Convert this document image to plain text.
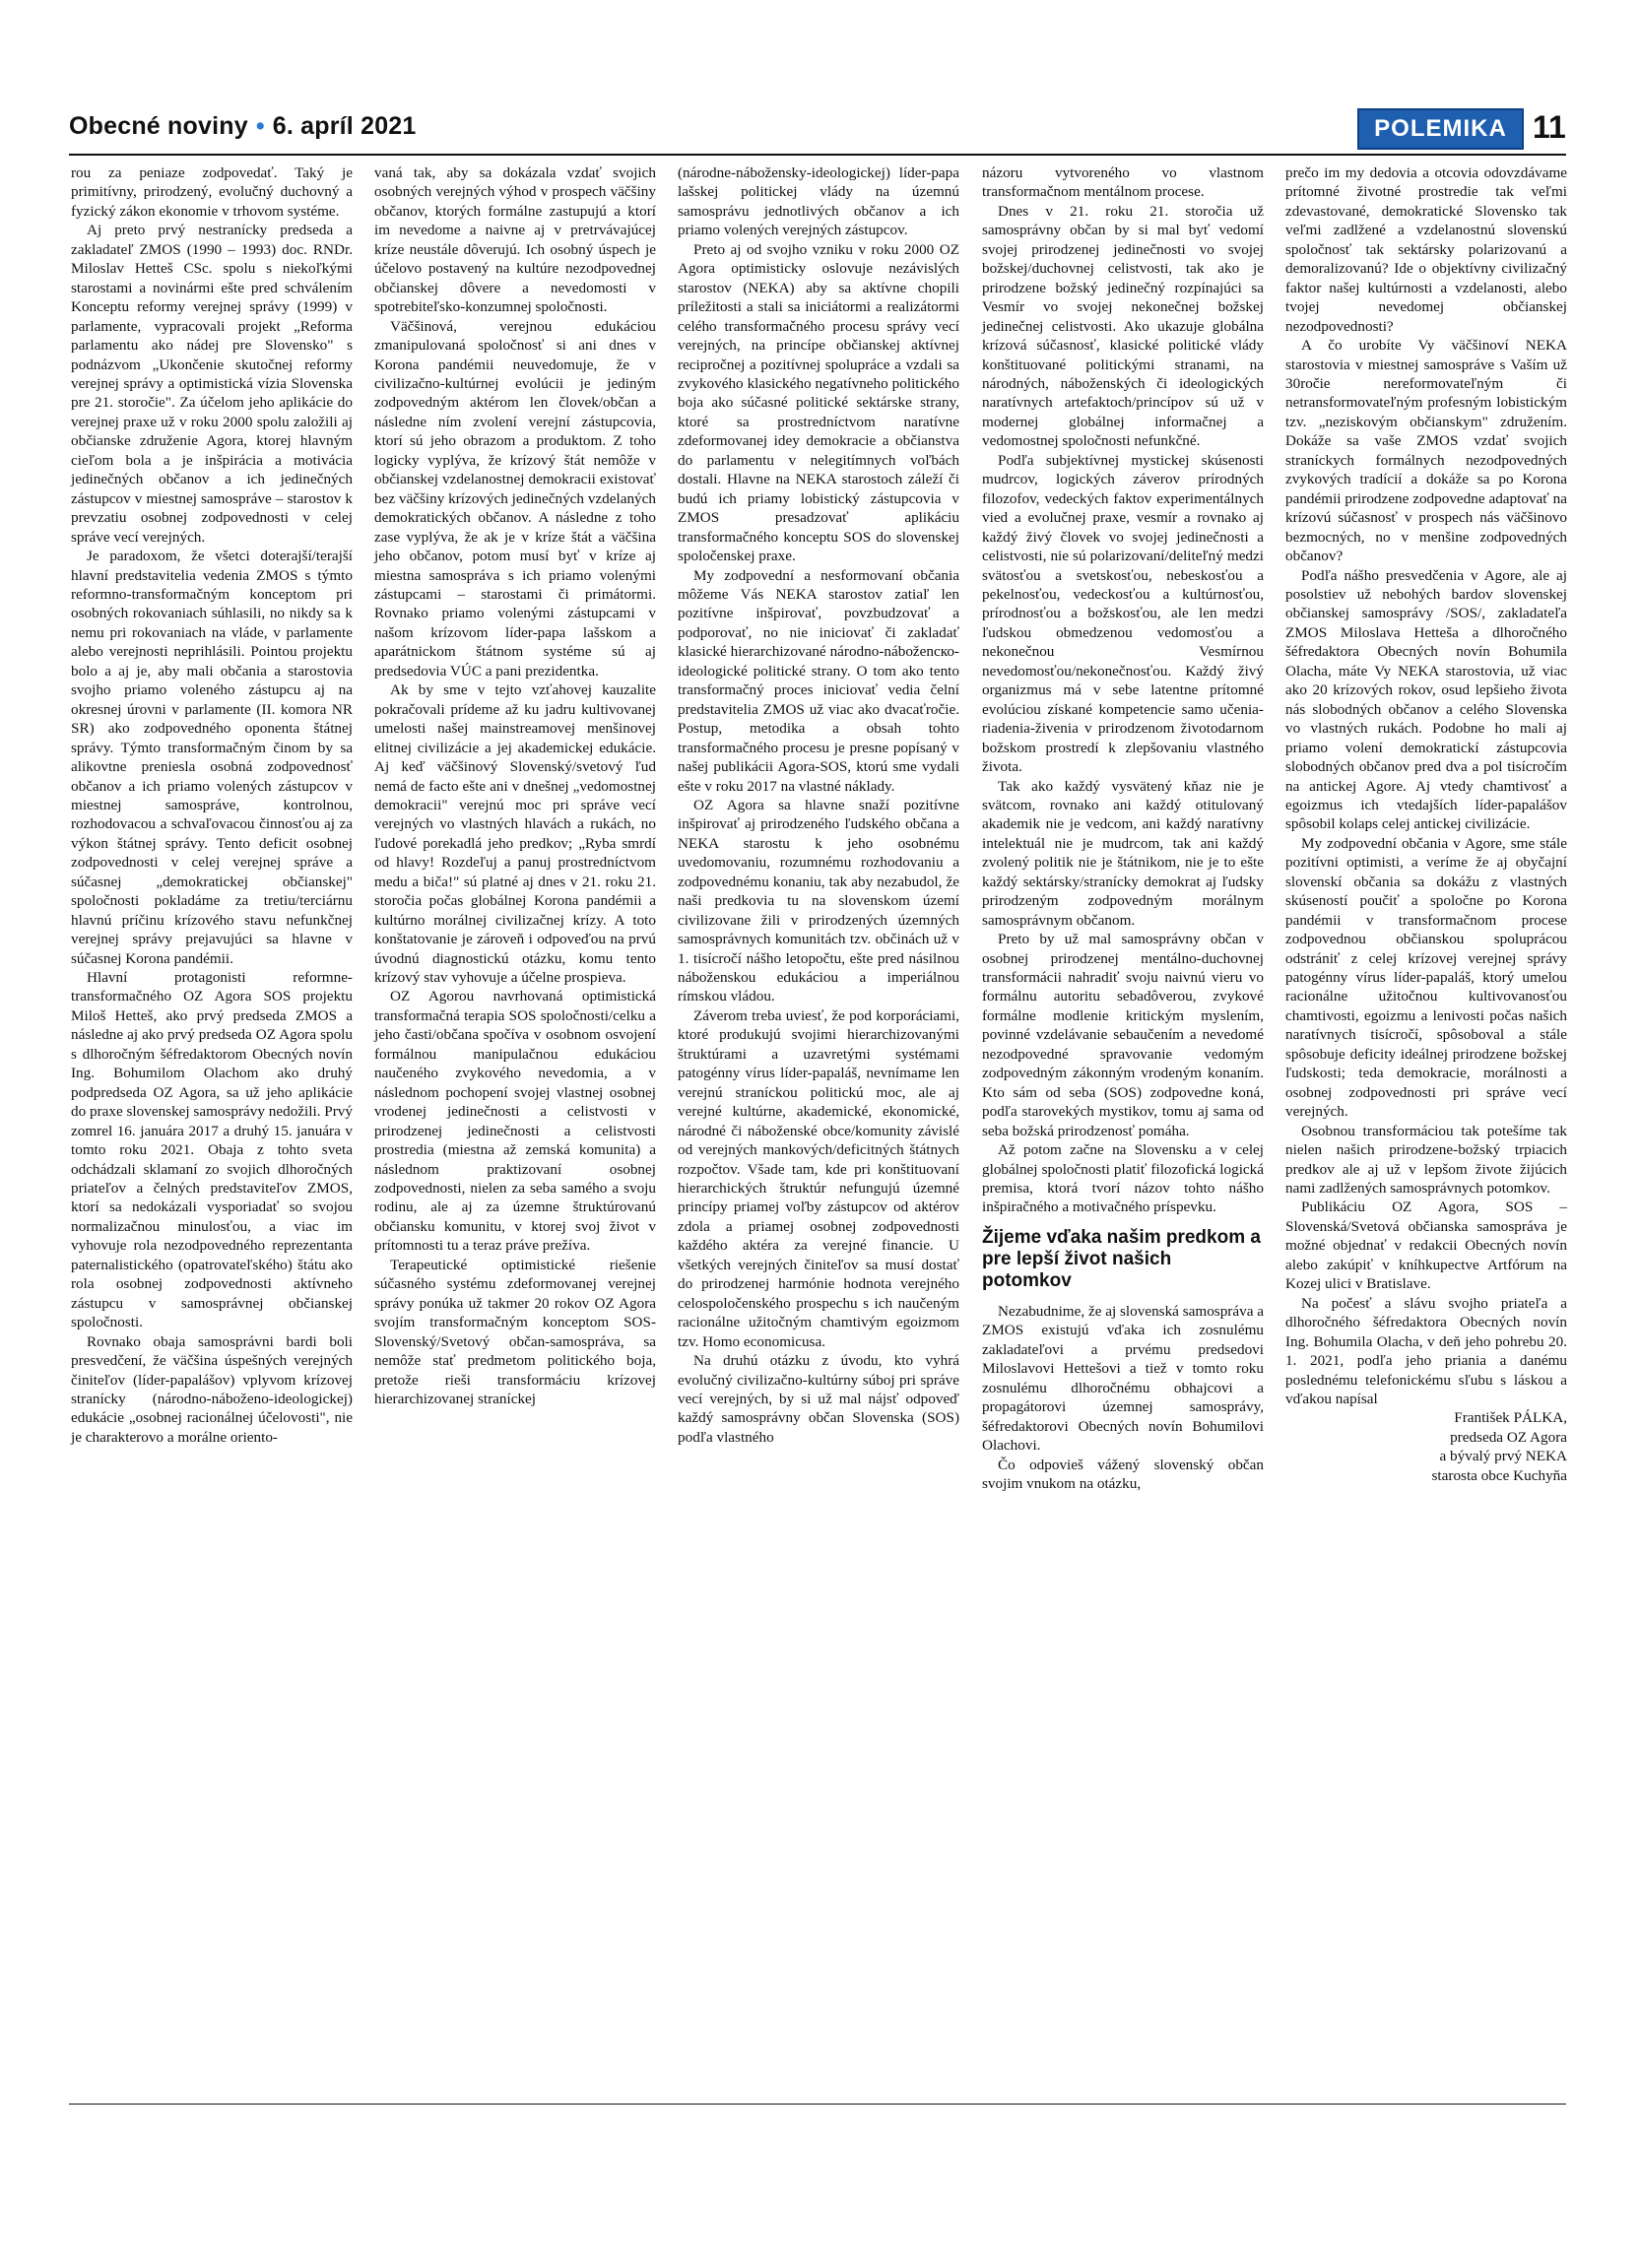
Obecné noviny • 6. apríl 2021	POLEMIKA 11

rou za peniaze zodpovedať. Taký je primitívny, prirodzený, evolučný duchovný a fyzický zákon ekonomie v trhovom systéme.

Aj preto prvý nestranícky predseda a zakladateľ ZMOS (1990 – 1993) doc. RNDr. Miloslav Hetteš CSc. spolu s niekoľkými starostami a novinármi ešte pred schválením Konceptu reformy verejnej správy (1999) v parlamente, vypracovali projekt „Reforma parlamentu ako nádej pre Slovensko" s podnázvom „Ukončenie skutočnej reformy verejnej správy a optimistická vízia Slovenska pre 21. storočie". Za účelom jeho aplikácie do verejnej praxe už v roku 2000 spolu založili aj občianske združenie Agora, ktorej hlavným cieľom bola a je inšpirácia a motivácia jedinečných občanov a ich jedinečných zástupcov v miestnej samospráve – starostov k prevzatiu osobnej zodpovednosti v celej správe vecí verejných.

Je paradoxom, že všetci doterajší/terajší hlavní predstavitelia vedenia ZMOS s týmto reformno-transformačným konceptom pri osobných rokovaniach súhlasili, no nikdy sa k nemu pri rokovaniach na vláde, v parlamente alebo verejnosti neprihlásili. Pointou projektu bolo a aj je, aby mali občania a starostovia svojho priamo voleného zástupcu aj na okresnej úrovni v parlamente (II. komora NR SR) ako zodpovedného oponenta štátnej správy. Týmto transformačným činom by sa alikovtne preniesla osobná zodpovednosť občanov a ich priamo volených zástupcov v miestnej samospráve, kontrolnou, rozhodovacou a schvaľovacou činnosťou aj za výkon štátnej správy. Tento deficit osobnej zodpovednosti v celej verejnej správe a súčasnej „demokratickej občianskej" spoločnosti pokladáme za tretiu/terciárnu hlavnú príčinu krízového stavu nefunkčnej verejnej správy prejavujúci sa hlavne v súčasnej Korona pandémii.

Hlavní protagonisti reformne-transformačného OZ Agora SOS projektu Miloš Hetteš, ako prvý predseda ZMOS a následne aj ako prvý predseda OZ Agora spolu s dlhoročným šéfredaktorom Obecných novín Ing. Bohumilom Olachom ako druhý podpredseda OZ Agora, sa už jeho aplikácie do praxe slovenskej samosprávy nedožili. Prvý zomrel 16. januára 2017 a druhý 15. januára v tomto roku 2021. Obaja z tohto sveta odchádzali sklamaní zo svojich dlhoročných priateľov a čelných predstaviteľov ZMOS, ktorí sa nedokázali vysporiadať so svojou normalizačnou minulosťou, a viac im vyhovuje rola nezodpovedného reprezentanta paternalistického (opatrovateľského) štátu ako rola osobnej zodpovednosti aktívneho zástupcu v samosprávnej občianskej spoločnosti.

Rovnako obaja samosprávni bardi boli presvedčení, že väčšina úspešných verejných činiteľov (líder-papalášov) vplyvom krízovej stranícky (národno-náboženo-ideologickej) edukácie „osobnej racionálnej účelovosti", nie je charakterovo a morálne oriento-

vaná tak, aby sa dokázala vzdať svojich osobných verejných výhod v prospech väčšiny občanov, ktorých formálne zastupujú a ktorí im nevedome a naivne aj v pretrvávajúcej krízе neustále dôverujú. Ich osobný úspech je účelovo postavený na kultúre nezodpovednej občianskej dôvere a nevedomosti v spotrebiteľsko-konzumnej spoločnosti.

Väčšinová, verejnou edukáciou zmanipulovaná spoločnosť si ani dnes v Korona pandémii neuvedomuje, že v civilizačno-kultúrnej evolúcii je jediným zodpovedným aktérom len človek/občan a následne ním zvolení verejní zástupcovia, ktorí sú jeho obrazom a produktom. Z toho logicky vyplýva, že krízový štát nemôže v občianskej vzdelanostnej demokracii existovať bez väčšiny krízových jedinečných vzdelaných demokratických občanov. A následne z toho zase vyplýva, že ak je v kríze štát a väčšina jeho občanov, potom musí byť v kríze aj miestna samospráva s ich priamo volenými zástupcami – starostami či primátormi. Rovnako priamo volenými zástupcami v našom krízovom líder-papa lašskom a aparátnickom štátnom systéme sú aj predsedovia VÚC a pani prezidentka.

Ak by sme v tejto vzťahovej kauzalite pokračovali prídeme až ku jadru kultivovanej umelosti našej mainstreamovej menšinovej elitnej civilizácie a jej akademickej edukácie. Aj keď väčšinový Slovenský/svetový ľud nemá de facto ešte ani v dnešnej „vedomostnej demokracii" verejnú moc pri správe vecí verejných vo vlastných hlavách a rukách, no ľudové porekadlá jeho predkov; „Ryba smrdí od hlavy! Rozdeľuj a panuj prostredníctvom medu a biča!" sú platné aj dnes v 21. roku 21. storočia počas globálnej Korona pandémii a kultúrno morálnej civilizačnej krízy. A toto konštatovanie je zároveň i odpoveďou na prvú úvodnú diagnostickú otázku, komu tento krízový stav vyhovuje a účelne prospieva.

OZ Agorou navrhovaná optimistická transformačná terapia SOS spoločnosti/celku a jeho časti/občana spočíva v osobnom osvojení formálnou manipulačnou edukáciou naučeného zvykového nevedomia, a v následnom pochopení svojej vlastnej osobnej vrodenej jedinečnosti a celistvosti v prirodzenej jedinečnosti a celistvosti prostredia (miestna až zemská komunita) a následnom praktizovaní osobnej zodpovednosti, nielen za seba samého a svoju rodinu, ale aj za územne štruktúrovanú občiansku komunitu, v ktorej svoj život v prítomnosti tu a teraz práve prežíva.

Terapeutické optimistické riešenie súčasného systému zdeformovanej verejnej správy ponúka už takmer 20 rokov OZ Agora svojím transformačným konceptom SOS-Slovenský/Svetový občan-samospráva, sa nemôže stať predmetom politického boja, pretože rieši transformáciu krízovej hierarchizovanej straníckej

(národne-nábožensky-ideologickej) líder-papa lašskej politickej vlády na územnú samosprávu jednotlivých občanov a ich priamo volených verejných zástupcov.

Preto aj od svojho vzniku v roku 2000 OZ Agora optimisticky oslovuje nezávislých starostov (NEKA) aby sa aktívne chopili príležitosti a stali sa iniciátormi a realizátormi celého transformačného procesu správy vecí verejných, na princípe občianskej aktívnej recipročnej a pozitívnej spolupráce a vzdali sa zvykového klasického negatívneho politického boja ako súčasné politické sektárske strany, ktoré sa prostredníctvom naratívne zdeformovanej idey demokracie a občianstva do parlamentu v nelegitímnych voľbách dostali. Hlavne na NEKA starostoch záleží či budú ich priamy lobistický zástupcovia v ZMOS presadzovať aplikáciu transformačného konceptu SOS do slovenskej spoločenskej praxe.

My zodpovední a nesformovaní občania môžeme Vás NEKA starostov zatiaľ len pozitívne inšpirovať, povzbudzovať a podporovať, no nie iniciovať či zakladať klasické hierarchizované národno-náboženско-ideologické politické strany. O tom ako tento transformačný proces iniciovať vedia čelní predstavitelia ZMOS už viac ako dvacaťročie. Postup, metodika a obsah tohto transformačného procesu je presne popísaný v našej publikácii Agora-SOS, ktorú sme vydali ešte v roku 2017 na vlastné náklady.

OZ Agora sa hlavne snaží pozitívne inšpirovať aj prirodzeného ľudského občana a NEKA starostu k jeho osobnému uvedomovaniu, rozumnému rozhodovaniu a zodpovednému konaniu, tak aby nezabudol, že naši predkovia tu na slovenskom území civilizovane žili v prirodzených územných samosprávnych komunitách tzv. občinách už v 1. tisícročí nášho letopočtu, ešte pred násilnou náboženskou edukáciou a imperiálnou rímskou vládou.

Záverom treba uviesť, že pod korporáciami, ktoré produkujú svojimi hierarchizovanými štruktúrami a uzavretými systémami patogénny vírus líder-papaláš, nevnímame len verejnú straníckou politickú moc, ale aj verejné kultúrne, akademické, ekonomické, národné či náboženské obce/komunity závislé od verejných mankových/deficitných štátnych rozpočtov. Všade tam, kde pri konštituovaní hierarchických štruktúr nefungujú územné princípy priamej voľby zástupcov od aktérov zdola a priamej osobnej zodpovednosti každého aktéra za verejné financie. U všetkých verejných činiteľov sa musí dostať do prirodzenej harmónie hodnota verejného celospoločenského prospechu s ich naučeným racionálne užitočným chamtivým egoizmom tzv. Homo economicusa.

Na druhú otázku z úvodu, kto vyhrá evolučný civilizačno-kultúrny súboj pri správe vecí verejných, by si už mal nájsť odpoveď každý samosprávny občan Slovenska (SOS) podľa vlastného

názoru vytvoreného vo vlastnom transformačnom mentálnom procese.

Dnes v 21. roku 21. storočia už samosprávny občan by si mal byť vedomí svojej prirodzenej jedinečnosti vo svojej božskej/duchovnej celistvosti, tak ako je prirodzene božský jedinečný rozpínajúci sa Vesmír vo svojej nekonečnej božskej jedinečnej celistvosti. Ako ukazuje globálna krízová súčasnosť, klasické politické vlády konštituované politickými stranami, na národných, náboženských či ideologických naratívnych artefaktoch/princípov sú už v modernej globálnej informačnej a vedomostnej spoločnosti nefunkčné.

Podľa subjektívnej mystickej skúsenosti mudrcov, logických záverov prírodných filozofov, vedeckých faktov experimentálnych vied a evolučnej praxe, vesmír a rovnako aj každý živý človek vo svojej jedinečnosti a celistvosti, nie sú polarizovaní/deliteľný medzi svätosťou a svetskosťou, nebeskosťou a pekelnosťou, vedeckosťou a kultúrnosťou, prírodnosťou a božskosťou, ale len medzi ľudskou obmedzenou vedomosťou a nekonečnou Vesmírnou nevedomosťou/nekonečnosťou. Každý živý organizmus má v sebe latentne prítomné evolúciou získané kompetencie samo učenia-riadenia-živenia v prirodzenom životodarnom božskom prostredí k zlepšovaniu vlastného života.

Tak ako každý vysvätený kňaz nie je svätcom, rovnako ani každý otitulovaný akademik nie je vedcom, ani každý naratívny intelektuál nie je mudrcom, tak ani každý zvolený politik nie je štátnikom, nie je to ešte každý sektársky/stranícky demokrat aj ľudsky prirodzeným zodpovedným morálnym samosprávnym občanom.

Preto by už mal samosprávny občan v osobnej prirodzenej mentálno-duchovnej transformácii nahradiť svoju naivnú vieru vo formálnu autoritu sebadôverou, zvykové formálne modlenie kritickým myslením, povinné vzdelávanie sebaučením a nevedomé nezodpovedné spravovanie vedomým zodpovedným zákonným vrodeným konaním. Kto sám od seba (SOS) zodpovedne koná, podľa starovekých mystikov, tomu aj sama od seba božská prirodzenosť pomáha.

Až potom začne na Slovensku a v celej globálnej spoločnosti platiť filozofická logická premisa, ktorá tvorí názov tohto nášho inšpiračného a motivačného príspevku.

Žijeme vďaka našim predkom a pre lepší život našich potomkov

Nezabudnime, že aj slovenská samospráva a ZMOS existujú vďaka ich zosnulému zakladateľovi a prvému predsedovi Miloslavovi Hettešovi a tiež v tomto roku zosnulému dlhoročnému obhajcovi a propagátorovi územnej samosprávy, šéfredaktorovi Obecných novín Bohumilovi Olachovi.

Čo odpovieš vážený slovenský občan svojim vnukom na otázku,

prečo im my dedovia a otcovia odovzdávame prítomné životné prostredie tak veľmi zdevastované, demokratické Slovensko tak veľmi zadlžené a vzdelanostnú slovenskú spoločnosť tak sektársky polarizovanú a demoralizovanú? Ide o objektívny civilizačný faktor našej kultúrnosti a vzdelanosti, alebo tvojej nevedomej občianskej nezodpovednosti?

A čo urobíte Vy väčšinoví NEKA starostovia v miestnej samospráve s Vaším už 30ročie nereformovateľným či netransformovateľným profesným lobistickým tzv. „neziskovým občianskym" združením. Dokáže sa vaše ZMOS vzdať svojich straníckych formálnych nezodpovedných zvykových tradícií a dokáže sa po Korona pandémii prirodzene zodpovedne adaptovať na krízovú súčasnosť v prospech nás väčšinovo bezmocných, no v menšine zodpovedných občanov?

Podľa nášho presvedčenia v Agore, ale aj posolstiev už nebohých bardov slovenskej občianskej samosprávy /SOS/, zakladateľa ZMOS Miloslava Hetteša a dlhoročného šéfredaktora Obecných novín Bohumila Olacha, máte Vy NEKA starostovia, už viac ako 20 krízových rokov, osud lepšieho života nás slobodných občanov a celého Slovenska vo vlastných rukách. Podobne ho mali aj priamo volení demokratickí zástupcovia slobodných občanov pred dva a pol tisícročím na antickej Agore. Aj vtedy chamtivosť a egoizmus ich vtedajších líder-papalášov spôsobil kolaps celej antickej civilizácie.

My zodpovední občania v Agore, sme stále pozitívni optimisti, a veríme že aj obyčajní slovenskí občania sa dokážu z vlastných skúseností poučiť a spoločne po Korona pandémii v transformačnom procese zodpovednou občianskou spoluprácou odstrániť z celej krízovej verejnej správy patogénny vírus líder-papaláš, ktorý umelou racionálne užitočnou kultivovanosťou chamtivosti, egoizmu a lenivosti počas našich naratívnych tisícročí, spôsoboval a stále spôsobuje deficity ideálnej prirodzene božskej ľudskosti; teda demokracie, morálnosti a osobnej zodpovednosti pri správe vecí verejných.

Osobnou transformáciou tak potešíme tak nielen našich prirodzene-božský trpiacich predkov ale aj už v lepšom živote žijúcich nami zadlžených samosprávnych potomkov.

Publikáciu OZ Agora, SOS – Slovenská/Svetová občianska samospráva je možné objednať v redakcii Obecných novín alebo zakúpiť v kníhkupectve Artfórum na Kozej ulici v Bratislave.

Na počesť a slávu svojho priateľa a dlhoročného šéfredaktora Obecných novín Ing. Bohumila Olacha, v deň jeho pohrebu 20. 1. 2021, podľa jeho priania a danému poslednému telefonickému sľubu s láskou a vďakou napísal

František PÁLKA,
predseda OZ Agora
a bývalý prvý NEKA
starosta obce Kuchyňa
